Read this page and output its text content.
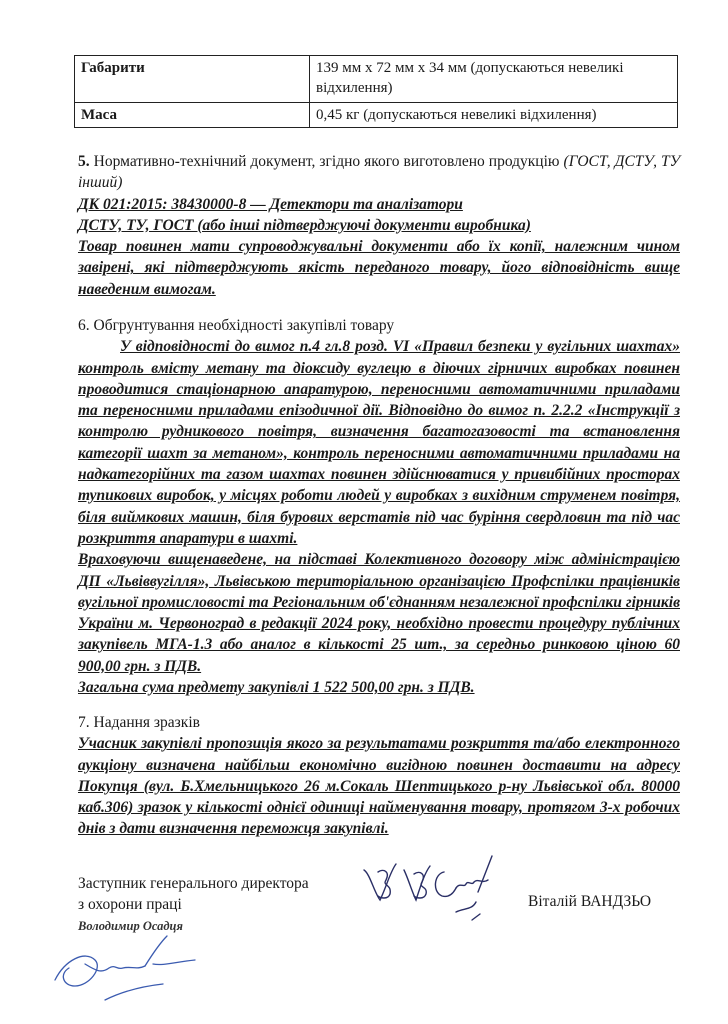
Габарити	139 мм х 72 мм х 34 мм (допускаються невеликі відхилення)
Маса	0,45 кг (допускаються невеликі відхилення)
5. Нормативно-технічний документ, згідно якого виготовлено продукцію (ГОСТ, ДСТУ, ТУ інший)

ДК 021:2015: 38430000-8 — Детектори та аналізатори

ДСТУ, ТУ, ГОСТ (або інші підтверджуючі документи виробника)

Товар повинен мати супроводжувальні документи або їх копії, належним чином завірені, які підтверджують якість переданого товару, його відповідність вище наведеним вимогам.

6. Обгрунтування необхідності закупівлі товару

У відповідності до вимог п.4 гл.8 розд. VI «Правил безпеки у вугільних шахтах» контроль вмісту метану та діоксиду вуглецю в діючих гірничих виробках повинен проводитися стаціонарною апаратурою, переносними автоматичними приладами та переносними приладами епізодичної дії. Відповідно до вимог п. 2.2.2 «Інструкції з контролю рудникового повітря, визначення багатогазовості та встановлення категорії шахт за метаном», контроль переносними автоматичними приладами на надкатегорійних та газом шахтах повинен здійснюватися у привибійних просторах тупикових виробок, у місцях роботи людей у виробках з вихідним струменем повітря, біля виймкових машин, біля бурових верстатів під час буріння свердловин та під час розкриття апаратури в шахті.

Враховуючи вищенаведене, на підставі Колективного договору між адміністрацією ДП «Львіввугілля», Львівською територіальною організацією Профспілки працівників вугільної промисловості та Регіональним об'єднанням незалежної профспілки гірників України м. Червоноград в редакції 2024 року, необхідно провести процедуру публічних закупівель МГА-1.3 або аналог в кількості 25 шт., за середньо ринковою ціною 60 900,00 грн. з ПДВ.

Загальна сума предмету закупівлі 1 522 500,00 грн. з ПДВ.

7. Надання зразків

Учасник закупівлі пропозиція якого за результатами розкриття та/або електронного аукціону визначена найбільш економічно вигідною повинен доставити на адресу Покупця (вул. Б.Хмельницького 26 м.Сокаль Шептицького р-ну Львівської обл. 80000 каб.306) зразок у кількості однієї одиниці найменування товару, протягом 3-х робочих днів з дати визначення переможця закупівлі.

Заступник генерального директора
з охорони праці	Віталій ВАНДЗЬО
Володимир Осадця
